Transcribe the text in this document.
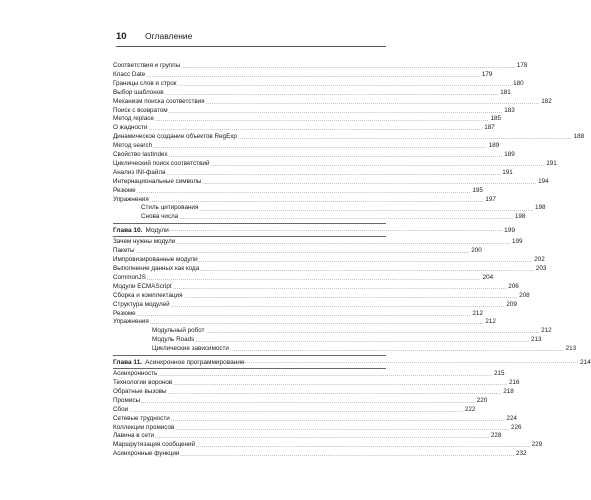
10 Оглавление
Соответствия и группы ........................................................................................................................................................................ 178
Класс Date ........................................................................................................................................................................ 179
Границы слов и строк ........................................................................................................................................................................ 180
Выбор шаблонов ........................................................................................................................................................................ 181
Механизм поиска соответствия ........................................................................................................................................................................ 182
Поиск с возвратом ........................................................................................................................................................................ 183
Метод replace ........................................................................................................................................................................ 185
О жадности ........................................................................................................................................................................ 187
Динамическое создание объектов RegExp ........................................................................................................................................................................ 188
Метод search ........................................................................................................................................................................ 189
Свойство lastIndex ........................................................................................................................................................................ 189
Циклический поиск соответствий ........................................................................................................................................................................ 191
Анализ INI-файла ........................................................................................................................................................................ 191
Интернациональные символы ........................................................................................................................................................................ 194
Резюме ........................................................................................................................................................................ 195
Упражнения ........................................................................................................................................................................ 197
Стиль цитирования ........................................................................................................................................................................ 198
Снова числа ........................................................................................................................................................................ 198
Глава 10. Модули ........................................................................................................................................................................ 199
Зачем нужны модули ........................................................................................................................................................................ 199
Пакеты ........................................................................................................................................................................ 200
Импровизированные модули ........................................................................................................................................................................ 202
Выполнение данных как кода ........................................................................................................................................................................ 203
CommonJS ........................................................................................................................................................................ 204
Модули ECMAScript ........................................................................................................................................................................ 206
Сборка и комплектация ........................................................................................................................................................................ 208
Структура модулей ........................................................................................................................................................................ 209
Резюме ........................................................................................................................................................................ 212
Упражнения ........................................................................................................................................................................ 212
Модульный робот ........................................................................................................................................................................ 212
Модуль Roads ........................................................................................................................................................................ 213
Циклические зависимости ........................................................................................................................................................................ 213
Глава 11. Асинхронное программирование ........................................................................................................................................................................ 214
Асинхронность ........................................................................................................................................................................ 215
Технологии воронов ........................................................................................................................................................................ 216
Обратные вызовы ........................................................................................................................................................................ 218
Промисы ........................................................................................................................................................................ 220
Сбои ........................................................................................................................................................................ 222
Сетевые трудности ........................................................................................................................................................................ 224
Коллекции промисов ........................................................................................................................................................................ 226
Лавина в сети ........................................................................................................................................................................ 228
Маршрутизация сообщений ........................................................................................................................................................................ 229
Асинхронные функции ........................................................................................................................................................................ 232
